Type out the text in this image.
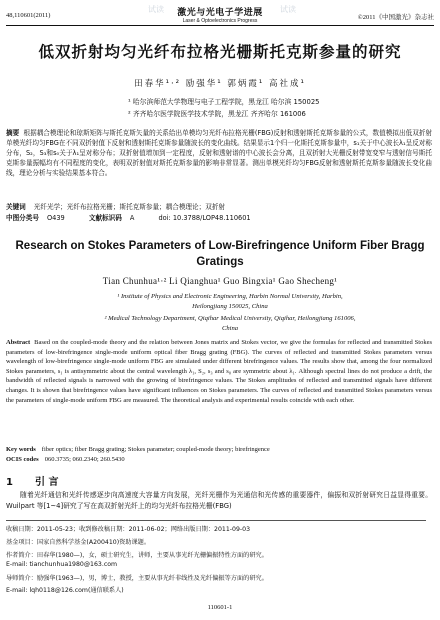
48,110601(2011)
试读	激光与光电子学进展
Laser & Optoelectronics Progress
试读
©2011《中国激光》杂志社
低双折射均匀光纤布拉格光栅斯托克斯参量的研究
田春华¹·² 励强华¹ 郭炳霞¹ 高社成¹
¹ 哈尔滨师范大学物理与电子工程学院，黑龙江 哈尔滨 150025
² 齐齐哈尔医学院医学技术学院，黑龙江 齐齐哈尔 161006
摘要 根据耦合模理论和琼斯矩阵与斯托克斯矢量的关系给出单模均匀光纤布拉格光栅(FBG)反射和透射斯托克斯参量的公式，数值模拟出低双折射单模光纤均匀FBG在不同双折射值下反射和透射斯托克斯参量随波长的变化曲线。结果显示1个归一化斯托克斯参量中，s₁关于中心波长λ₁呈反对称分布，S₂，S₃和s₀关于λ₁呈对称分布；双折射值增加到一定程度，反射和透射谱的中心波长会分离，且双折射大光栅反射带宽变窄与透射信号斯托克斯参量振幅均有不同程度的变化，表明双折射值对斯托克斯参量的影响非常显著。测出单模光纤均匀FBG反射和透射斯托克斯参量随波长变化曲线，理论分析与实验结果基本符合。
关键词 光纤光学；光纤布拉格光栅；斯托克斯参量；耦合模理论；双折射
中图分类号 O439	文献标识码 A	doi: 10.3788/LOP48.110601
Research on Stokes Parameters of Low-Birefringence Uniform Fiber Bragg Gratings
Tian Chunhua¹·² Li Qianghua¹ Guo Bingxia¹ Gao Shecheng¹
¹ Institute of Physics and Electronic Engineering, Harbin Normal University, Harbin, Heilongjiang 150025, China
² Medical Technology Department, Qiqihar Medical University, Qiqihar, Heilongjiang 161006, China
Abstract Based on the coupled-mode theory and the relation between Jones matrix and Stokes vector, we give the formulas for reflected and transmitted Stokes parameters of low-birefringence single-mode uniform optical fiber Bragg grating (FBG). The curves of reflected and transmitted Stokes parameters versus wavelength of low-birefringence single-mode uniform FBG are simulated under different birefringence values. The results show that, among the four normalized Stokes parameters, s₁ is antisymmetric about the central wavelength λ₁, S₂, s₃ and s₀ are symmetric about λ₁. Although spectral lines do not produce a drift, the bandwidth of reflected signals is narrowed with the growing of birefringence values. The Stokes amplitudes of reflected and transmitted signals have different changes. It is shown that birefringence values have significant influences on Stokes parameters. The curves of reflected and transmitted Stokes parameters versus the parameters of single-mode uniform FBG are measured. The theoretical analysis and experimental results coincide with each other.
Key words fiber optics; fiber Bragg grating; Stokes parameter; coupled-mode theory; birefringence
OCIS codes 060.3735; 060.2340; 260.5430
1 引 言
随着光纤通信和光纤传感逐步向高速度大容量方向发展，光纤光栅作为光通信和光传感的重要器件，偏振和双折射研究日益显得重要。Wuilpart 等[1~4]研究了写在高双折射光纤上的均匀光纤布拉格光栅(FBG)
收稿日期：2011-05-23；收到修改稿日期：2011-06-02；网络出版日期：2011-09-03
基金项目：国家自然科学基金(A200410)资助课题。
作者简介：田春华(1980—)，女，硕士研究生，讲师，主要从事光纤光栅偏振特性方面的研究。
E-mail: tianchunhua1980@163.com
导师简介：励强华(1963—)，男，博士，教授，主要从事光纤非线性及光纤偏振等方面的研究。
E-mail: lqh0118@126.com(通信联系人)
110601-1
